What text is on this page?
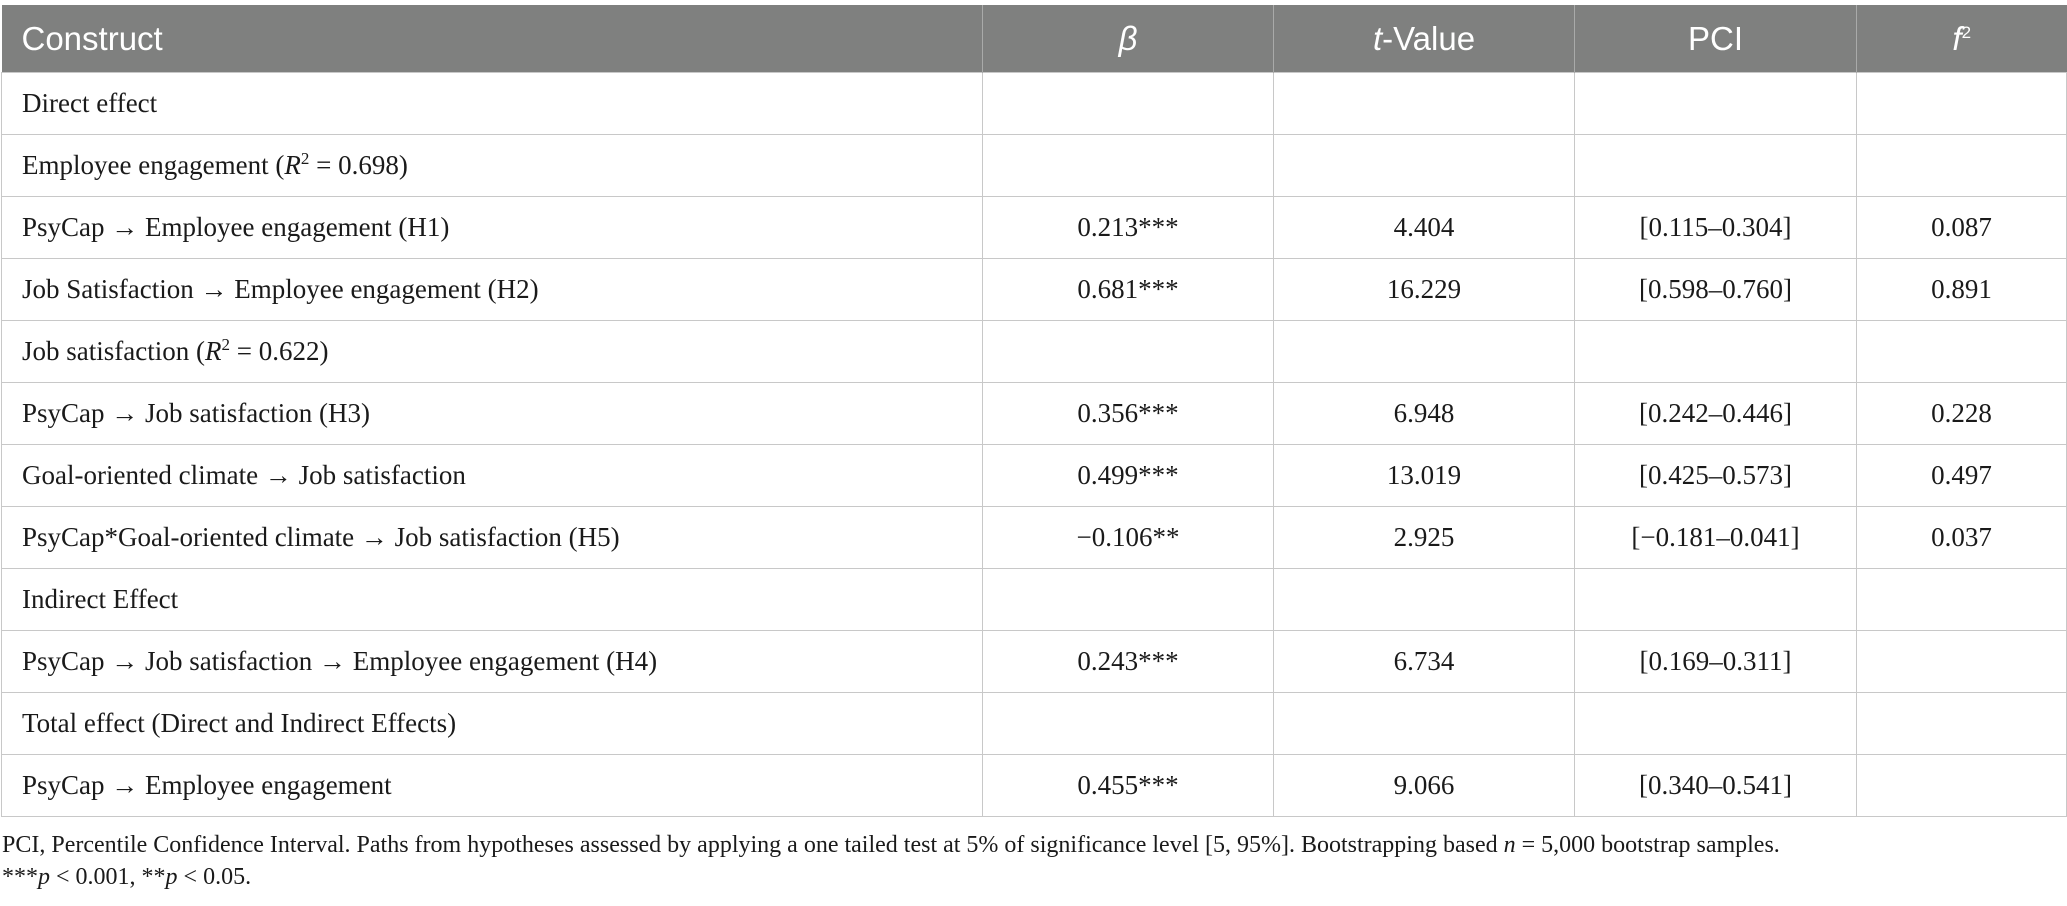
Construct	β	t-Value	PCI	$f^2$
Direct effect				
Employee engagement $(R^2 = 0.698)$				
PsyCap → Employee engagement (H1)	0.213***	4.404	[0.115–0.304]	0.087
Job Satisfaction → Employee engagement (H2)	0.681***	16.229	[0.598–0.760]	0.891
Job satisfaction $(R^2 = 0.622)$				
PsyCap → Job satisfaction (H3)	0.356***	6.948	[0.242–0.446]	0.228
Goal-oriented climate → Job satisfaction	0.499***	13.019	[0.425–0.573]	0.497
PsyCap*Goal-oriented climate → Job satisfaction (H5)	−0.106**	2.925	[−0.181–0.041]	0.037
Indirect Effect				
PsyCap → Job satisfaction → Employee engagement (H4)	0.243***	6.734	[0.169–0.311]	
Total effect (Direct and Indirect Effects)				
PsyCap → Employee engagement	0.455***	9.066	[0.340–0.541]	

PCI, Percentile Confidence Interval. Paths from hypotheses assessed by applying a one tailed test at 5% of significance level [5, 95%]. Bootstrapping based n = 5,000 bootstrap samples.

***p < 0.001, **p < 0.05.
